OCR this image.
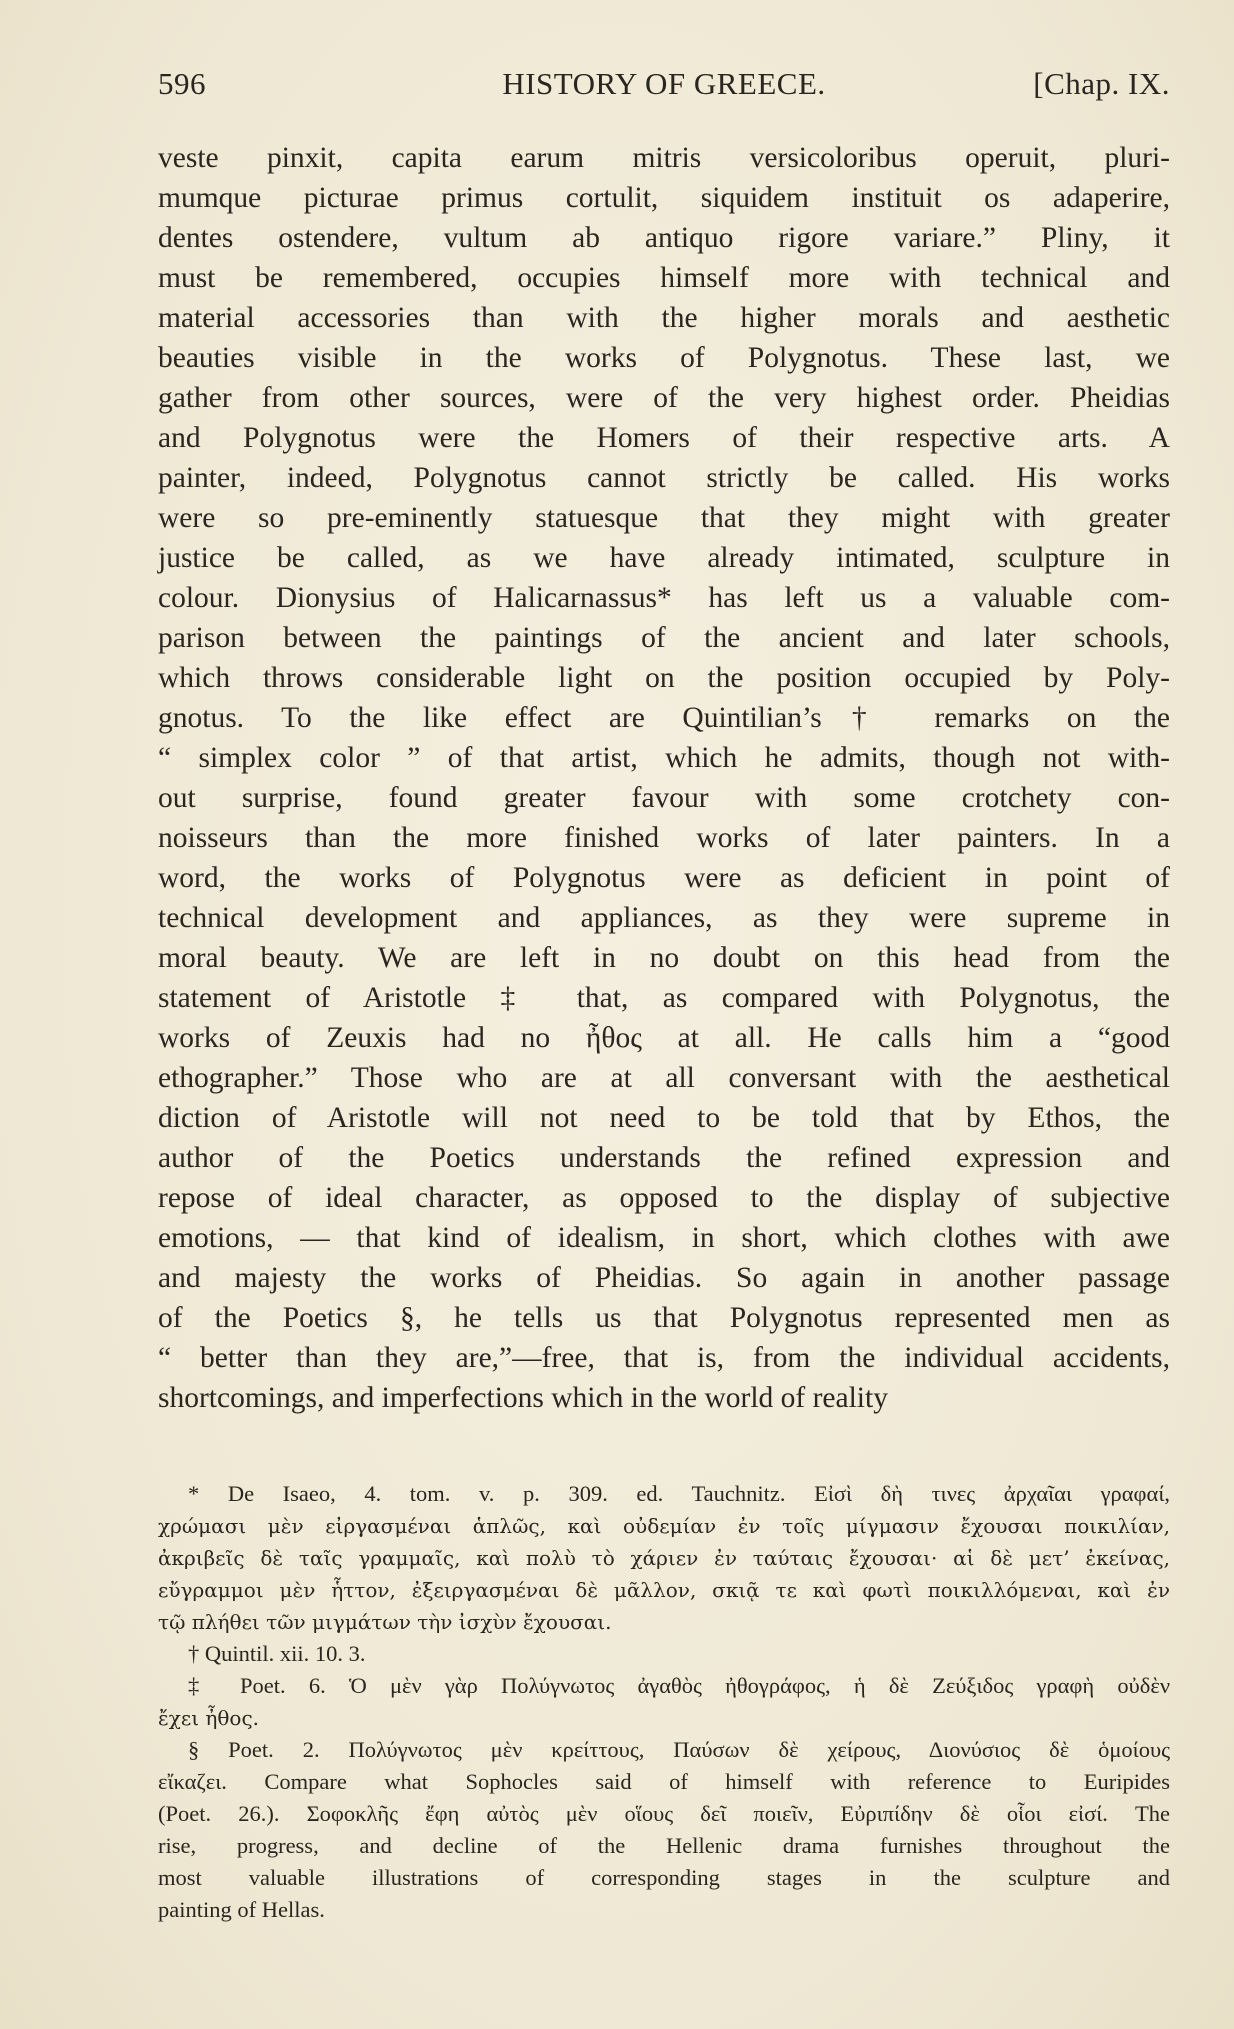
596	HISTORY OF GREECE.	[Chap. IX.
veste pinxit, capita earum mitris versicoloribus operuit, pluri-
mumque picturae primus cortulit, siquidem instituit os adaperire,
dentes ostendere, vultum ab antiquo rigore variare.” Pliny, it
must be remembered, occupies himself more with technical and
material accessories than with the higher morals and aesthetic
beauties visible in the works of Polygnotus. These last, we
gather from other sources, were of the very highest order. Pheidias
and Polygnotus were the Homers of their respective arts. A
painter, indeed, Polygnotus cannot strictly be called. His works
were so pre-eminently statuesque that they might with greater
justice be called, as we have already intimated, sculpture in
colour. Dionysius of Halicarnassus* has left us a valuable com-
parison between the paintings of the ancient and later schools,
which throws considerable light on the position occupied by Poly-
gnotus. To the like effect are Quintilian’s† remarks on the
“ simplex color ” of that artist, which he admits, though not with-
out surprise, found greater favour with some crotchety con-
noisseurs than the more finished works of later painters. In a
word, the works of Polygnotus were as deficient in point of
technical development and appliances, as they were supreme in
moral beauty. We are left in no doubt on this head from the
statement of Aristotle ‡ that, as compared with Polygnotus, the
works of Zeuxis had no ἦθος at all. He calls him a “good
ethographer.” Those who are at all conversant with the aesthetical
diction of Aristotle will not need to be told that by Ethos, the
author of the Poetics understands the refined expression and
repose of ideal character, as opposed to the display of subjective
emotions, — that kind of idealism, in short, which clothes with awe
and majesty the works of Pheidias. So again in another passage
of the Poetics §, he tells us that Polygnotus represented men as
“ better than they are,”—free, that is, from the individual accidents,
shortcomings, and imperfections which in the world of reality
* De Isaeo, 4. tom. v. p. 309. ed. Tauchnitz. Εἰσὶ δὴ τινες ἀρχαῖαι γραφαί,
χρώμασι μὲν εἰργασμέναι ἁπλῶς, καὶ οὐδεμίαν ἐν τοῖς μίγμασιν ἔχουσαι ποικιλίαν,
ἀκριβεῖς δὲ ταῖς γραμμαῖς, καὶ πολὺ τὸ χάριεν ἐν ταύταις ἔχουσαι· αἱ δὲ μετ’ ἐκείνας,
εὔγραμμοι μὲν ἧττον, ἐξειργασμέναι δὲ μᾶλλον, σκιᾷ τε καὶ φωτὶ ποικιλλόμεναι, καὶ ἐν
τῷ πλήθει τῶν μιγμάτων τὴν ἰσχὺν ἔχουσαι.
† Quintil. xii. 10. 3.
‡ Poet. 6. Ὁ μὲν γὰρ Πολύγνωτος ἀγαθὸς ἠθογράφος, ἡ δὲ Ζεύξιδος γραφὴ οὐδὲν
ἔχει ἦθος.
§ Poet. 2. Πολύγνωτος μὲν κρείττους, Παύσων δὲ χείρους, Διονύσιος δὲ ὁμοίους
εἴκαζει. Compare what Sophocles said of himself with reference to Euripides
(Poet. 26.). Σοφοκλῆς ἔφη αὐτὸς μὲν οἵους δεῖ ποιεῖν, Εὐριπίδην δὲ οἷοι εἰσί. The
rise, progress, and decline of the Hellenic drama furnishes throughout the
most valuable illustrations of corresponding stages in the sculpture and
painting of Hellas.
